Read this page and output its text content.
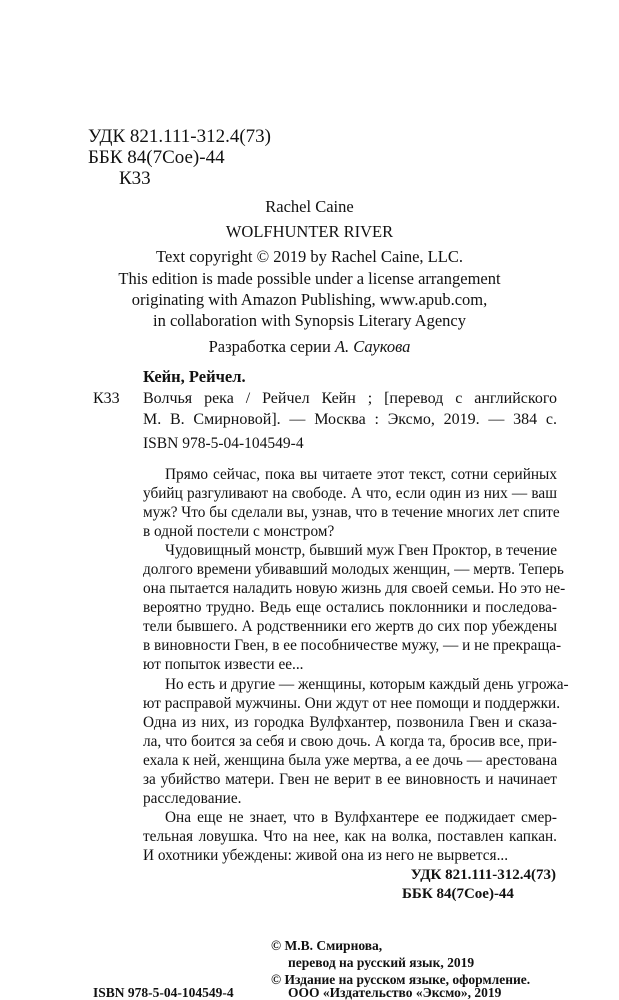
УДК 821.111-312.4(73)
ББК 84(7Сое)-44
К33
Rachel Caine
WOLFHUNTER RIVER
Text copyright © 2019 by Rachel Caine, LLC.
This edition is made possible under a license arrangement
originating with Amazon Publishing, www.apub.com,
in collaboration with Synopsis Literary Agency
Разработка серии А. Саукова
Кейн, Рейчел.
К33 Волчья река / Рейчел Кейн ; [перевод с английского
М. В. Смирновой]. — Москва : Эксмо, 2019. — 384 с.
ISBN 978-5-04-104549-4
Прямо сейчас, пока вы читаете этот текст, сотни серийных
убийц разгуливают на свободе. А что, если один из них — ваш
муж? Что бы сделали вы, узнав, что в течение многих лет спите
в одной постели с монстром?
Чудовищный монстр, бывший муж Гвен Проктор, в течение
долгого времени убивавший молодых женщин, — мертв. Теперь
она пытается наладить новую жизнь для своей семьи. Но это не-
вероятно трудно. Ведь еще остались поклонники и последова-
тели бывшего. А родственники его жертв до сих пор убеждены
в виновности Гвен, в ее пособничестве мужу, — и не прекраща-
ют попыток извести ее...
Но есть и другие — женщины, которым каждый день угрожа-
ют расправой мужчины. Они ждут от нее помощи и поддержки.
Одна из них, из городка Вулфхантер, позвонила Гвен и сказа-
ла, что боится за себя и свою дочь. А когда та, бросив все, при-
ехала к ней, женщина была уже мертва, а ее дочь — арестована
за убийство матери. Гвен не верит в ее виновность и начинает
расследование.
Она еще не знает, что в Вулфхантере ее поджидает смер-
тельная ловушка. Что на нее, как на волка, поставлен капкан.
И охотники убеждены: живой она из него не вырвется...
УДК 821.111-312.4(73)
ББК 84(7Сое)-44
© М.В. Смирнова,
перевод на русский язык, 2019
© Издание на русском языке, оформление.
ISBN 978-5-04-104549-4	ООО «Издательство «Эксмо», 2019
